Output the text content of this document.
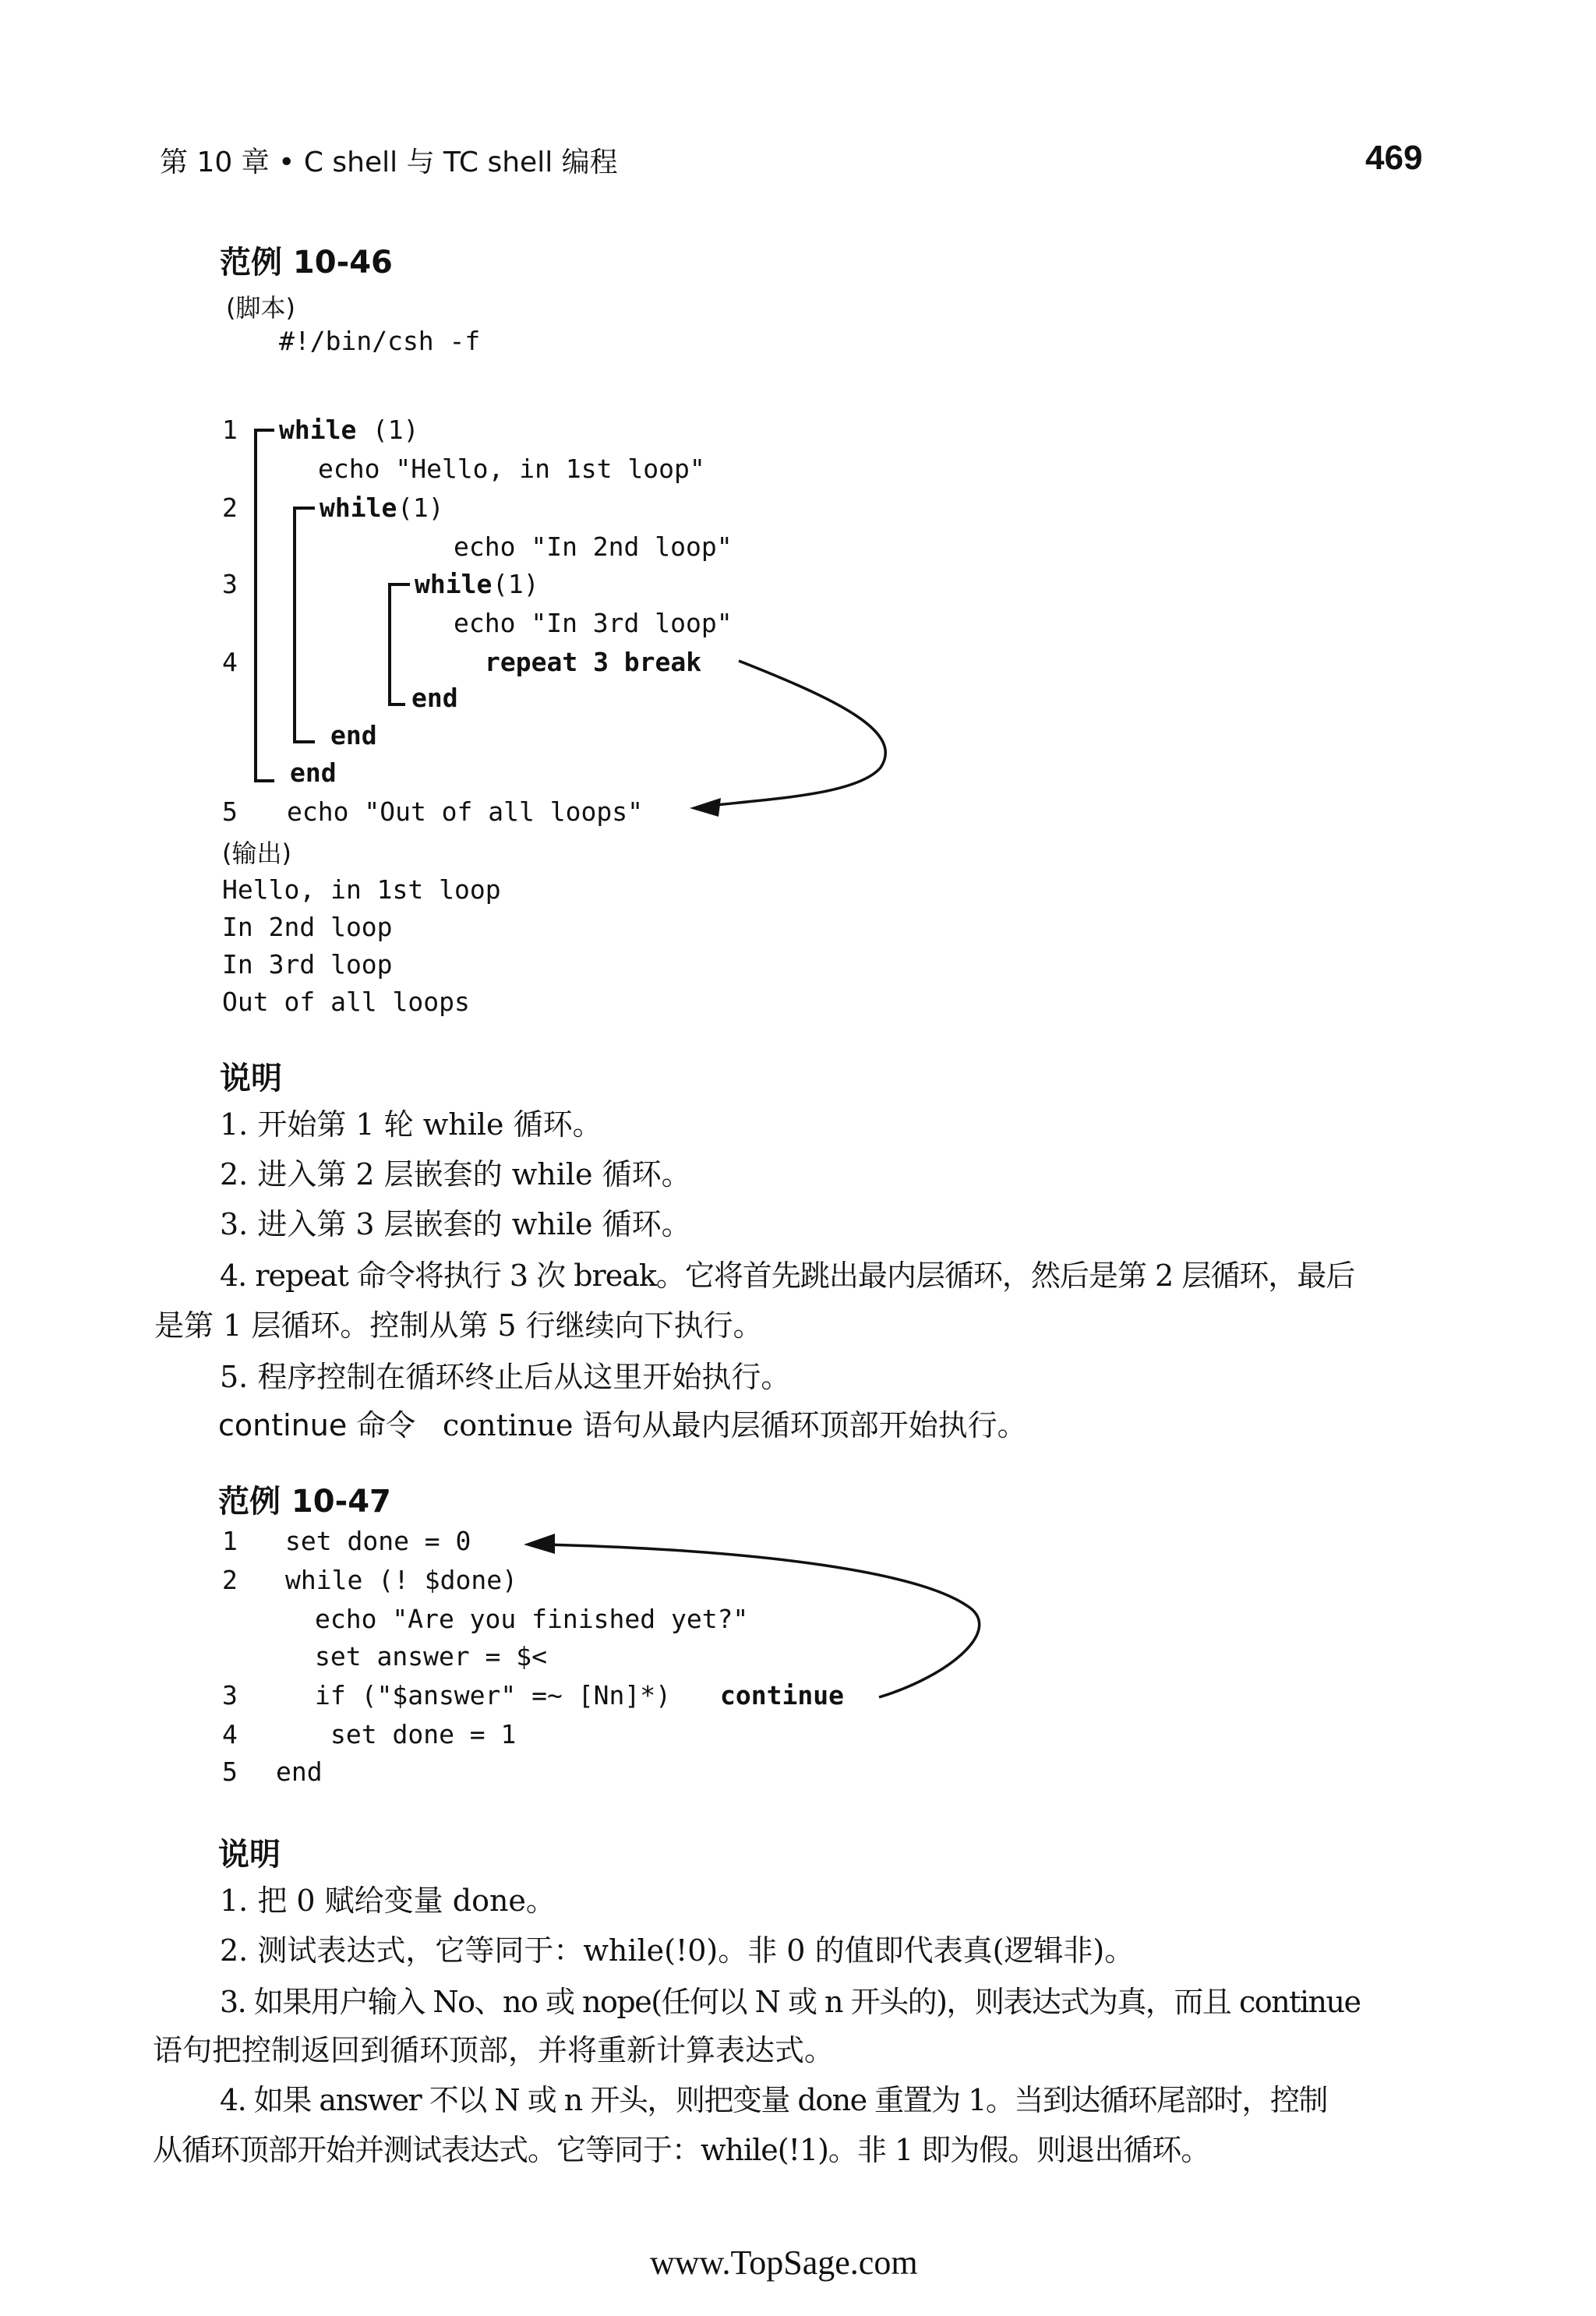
第 10 章 • C shell 与 TC shell 编程	469
范例 10-46
(脚本)
#!/bin/csh -f
1 while (1)
echo "Hello, in 1st loop"
2	while (1)
echo "In 2nd loop"
3	while (1)
echo "In 3rd loop"
4	repeat 3 break
end
end
end
5 echo "Out of all loops"
(输出)
Hello, in 1st loop
In 2nd loop
In 3rd loop
Out of all loops
说明
1. 开始第 1 轮 while 循环。
2. 进入第 2 层嵌套的 while 循环。
3. 进入第 3 层嵌套的 while 循环。
4. repeat 命令将执行 3 次 break。它将首先跳出最内层循环，然后是第 2 层循环，最后
是第 1 层循环。控制从第 5 行继续向下执行。
5. 程序控制在循环终止后从这里开始执行。
continue 命令 continue 语句从最内层循环顶部开始执行。
范例 10-47
1 set done = 0
2 while (! $done)
echo "Are you finished yet?"
set answer = $<
3	if ("$answer" =~ [Nn]*) continue
4	set done = 1
5 end
说明
1. 把 0 赋给变量 done。
2. 测试表达式，它等同于：while(!0)。非 0 的值即代表真(逻辑非)。
3. 如果用户输入 No、no 或 nope(任何以 N 或 n 开头的)，则表达式为真，而且 continue
语句把控制返回到循环顶部，并将重新计算表达式。
4. 如果 answer 不以 N 或 n 开头，则把变量 done 重置为 1。当到达循环尾部时，控制
从循环顶部开始并测试表达式。它等同于：while(!1)。非 1 即为假。则退出循环。
www.TopSage.com
